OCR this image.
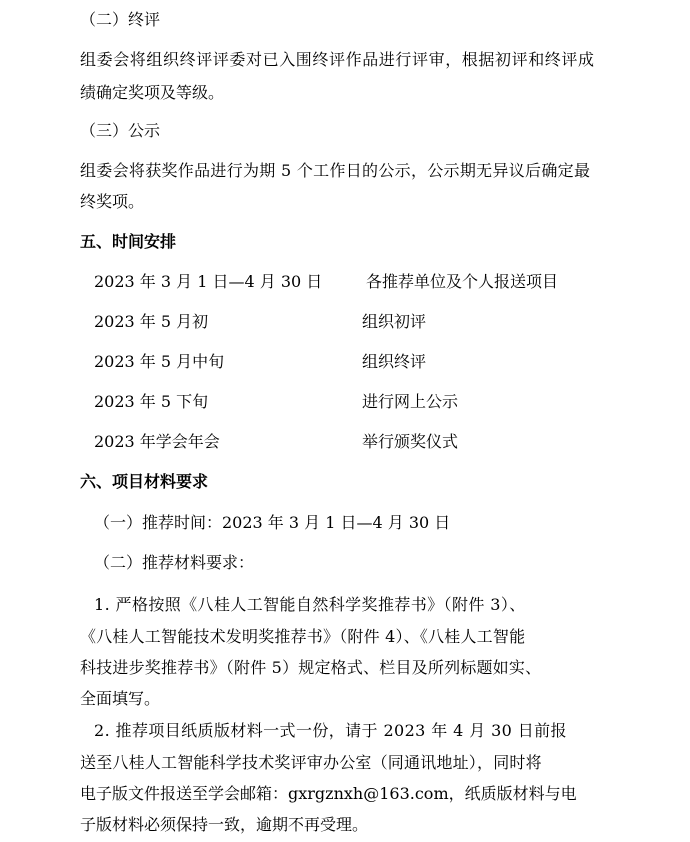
（二）终评
组委会将组织终评评委对已入围终评作品进行评审，根据初评和终评成
绩确定奖项及等级。
（三）公示
组委会将获奖作品进行为期 5 个工作日的公示，公示期无异议后确定最
终奖项。
五、时间安排
2023 年 3 月 1 日—4 月 30 日	各推荐单位及个人报送项目
2023 年 5 月初	组织初评
2023 年 5 月中旬	组织终评
2023 年 5 下旬	进行网上公示
2023 年学会年会	举行颁奖仪式
六、项目材料要求
（一）推荐时间：2023 年 3 月 1 日—4 月 30 日
（二）推荐材料要求：
1. 严格按照《八桂人工智能自然科学奖推荐书》（附件 3）、
《八桂人工智能技术发明奖推荐书》（附件 4）、《八桂人工智能
科技进步奖推荐书》（附件 5）规定格式、栏目及所列标题如实、
全面填写。
2. 推荐项目纸质版材料一式一份，请于 2023 年 4 月 30 日前报
送至八桂人工智能科学技术奖评审办公室（同通讯地址），同时将
电子版文件报送至学会邮箱：gxrgznxh@163.com，纸质版材料与电
子版材料必须保持一致，逾期不再受理。
